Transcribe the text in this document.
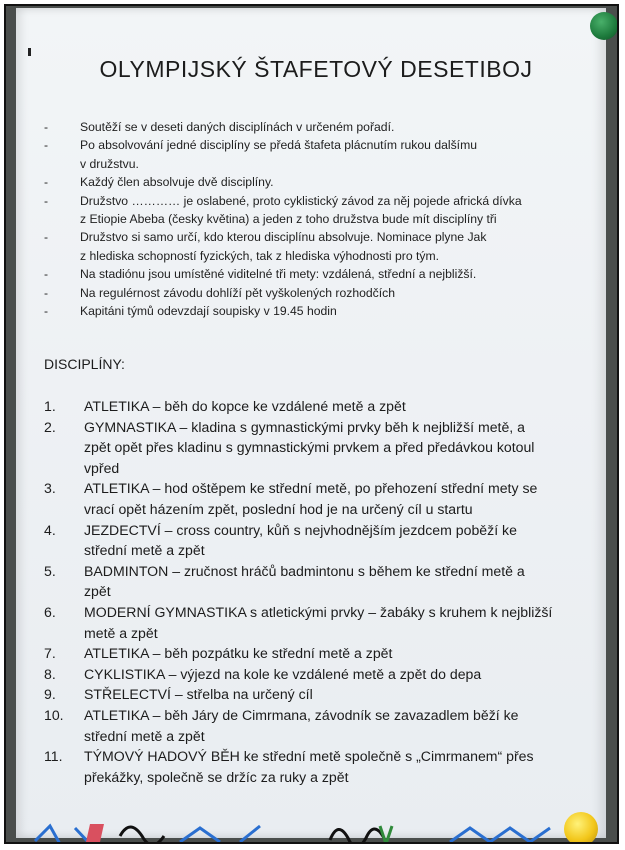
OLYMPIJSKÝ ŠTAFETOVÝ DESETIBOJ
-	Soutěží se v deseti daných disciplínách v určeném pořadí.
-	Po absolvování jedné disciplíny se předá štafeta plácnutím rukou dalšímu
v družstvu.
-	Každý člen absolvuje dvě disciplíny.
-	Družstvo ………… je oslabené, proto cyklistický závod za něj pojede africká dívka
z Etiopie Abeba (česky květina) a jeden z toho družstva bude mít disciplíny tři
-	Družstvo si samo určí, kdo kterou disciplínu absolvuje. Nominace plyne Jak
z hlediska schopností fyzických, tak z hlediska výhodnosti pro tým.
-	Na stadiónu jsou umístěné viditelné tři mety: vzdálená, střední a nejbližší.
-	Na regulérnost závodu dohlíží pět vyškolených rozhodčích
-	Kapitáni týmů odevzdají soupisky v 19.45 hodin
DISCIPLÍNY:
1.	ATLETIKA – běh do kopce ke vzdálené metě a zpět
2.	GYMNASTIKA – kladina s gymnastickými prvky běh k nejbližší metě, a
zpět opět přes kladinu s gymnastickými prvkem a před předávkou kotoul
vpřed
3.	ATLETIKA – hod oštěpem ke střední metě, po přehození střední mety se
vrací opět házením zpět, poslední hod je na určený cíl u startu
4.	JEZDECTVÍ – cross country, kůň s nejvhodnějším jezdcem poběží ke
střední metě a zpět
5.	BADMINTON – zručnost hráčů badmintonu s během ke střední metě a
zpět
6.	MODERNÍ GYMNASTIKA s atletickými prvky – žabáky s kruhem k nejbližší
metě a zpět
7.	ATLETIKA – běh pozpátku ke střední metě a zpět
8.	CYKLISTIKA – výjezd na kole ke vzdálené metě a zpět do depa
9.	STŘELECTVÍ – střelba na určený cíl
10.	ATLETIKA – běh Járy de Cimrmana, závodník se zavazadlem běží ke
střední metě a zpět
11.	TÝMOVÝ HADOVÝ BĚH ke střední metě společně s „Cimrmanem“ přes
překážky, společně se držíc za ruky a zpět
